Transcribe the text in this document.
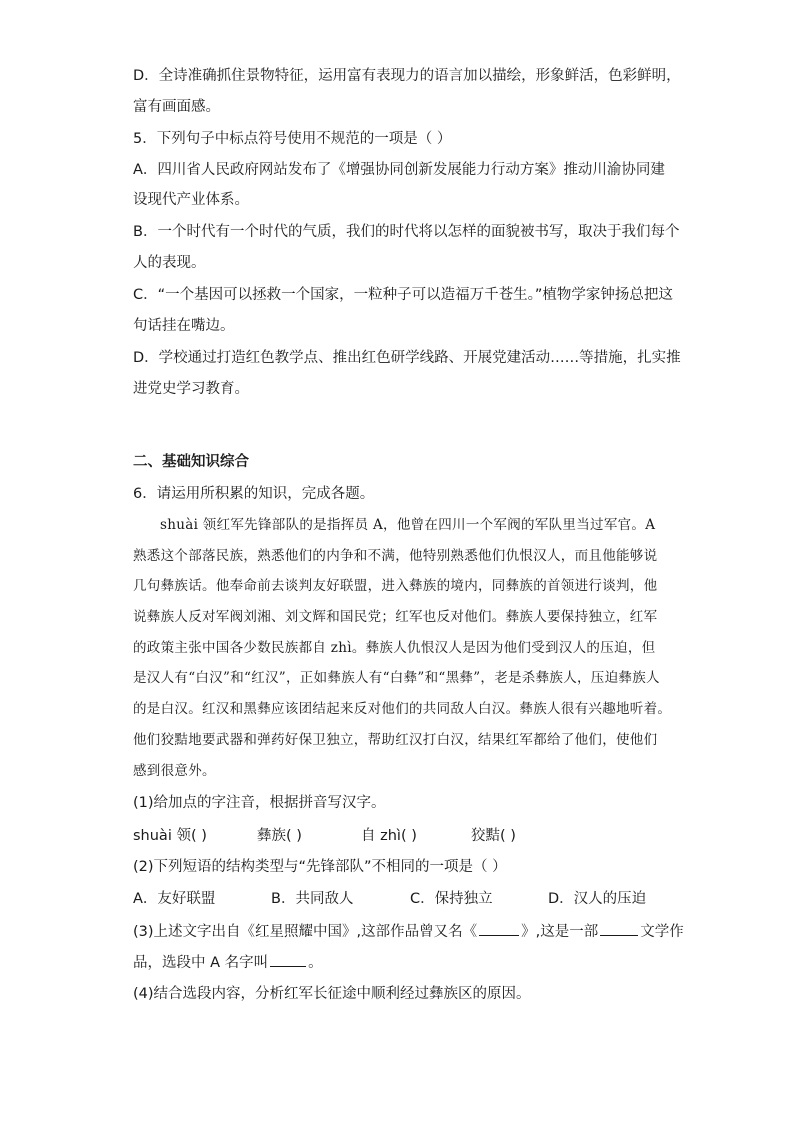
D．全诗准确抓住景物特征，运用富有表现力的语言加以描绘，形象鲜活，色彩鲜明，
富有画面感。
5．下列句子中标点符号使用不规范的一项是（ ）
A．四川省人民政府网站发布了《增强协同创新发展能力行动方案》推动川渝协同建
设现代产业体系。
B．一个时代有一个时代的气质，我们的时代将以怎样的面貌被书写，取决于我们每个
人的表现。
C．“一个基因可以拯救一个国家，一粒种子可以造福万千苍生。”植物学家钟扬总把这
句话挂在嘴边。
D．学校通过打造红色教学点、推出红色研学线路、开展党建活动……等措施，扎实推
进党史学习教育。
二、基础知识综合
6．请运用所积累的知识，完成各题。
shuài 领红军先锋部队的是指挥员 A，他曾在四川一个军阀的军队里当过军官。A
熟悉这个部落民族，熟悉他们的内争和不满，他特别熟悉他们仇恨汉人，而且他能够说
几句彝族话。他奉命前去谈判友好联盟，进入彝族的境内，同彝族的首领进行谈判，他
说彝族人反对军阀刘湘、刘文辉和国民党；红军也反对他们。彝族人要保持独立，红军
的政策主张中国各少数民族都自 zhì。彝族人仇恨汉人是因为他们受到汉人的压迫，但
是汉人有“白汉”和“红汉”，正如彝族人有“白彝”和“黑彝”，老是杀彝族人，压迫彝族人
的是白汉。红汉和黑彝应该团结起来反对他们的共同敌人白汉。彝族人很有兴趣地听着。
他们狡黠地要武器和弹药好保卫独立，帮助红汉打白汉，结果红军都给了他们，使他们
感到很意外。
(1)给加点的字注音，根据拼音写汉字。
shuài 领( )	彝族( )	自 zhì( )	狡黠( )
(2)下列短语的结构类型与“先锋部队”不相同的一项是（ ）
A．友好联盟	B．共同敌人	C．保持独立	D．汉人的压迫
(3)上述文字出自《红星照耀中国》,这部作品曾又名《	》,这是一部	文学作
品，选段中 A 名字叫	。
(4)结合选段内容，分析红军长征途中顺利经过彝族区的原因。
